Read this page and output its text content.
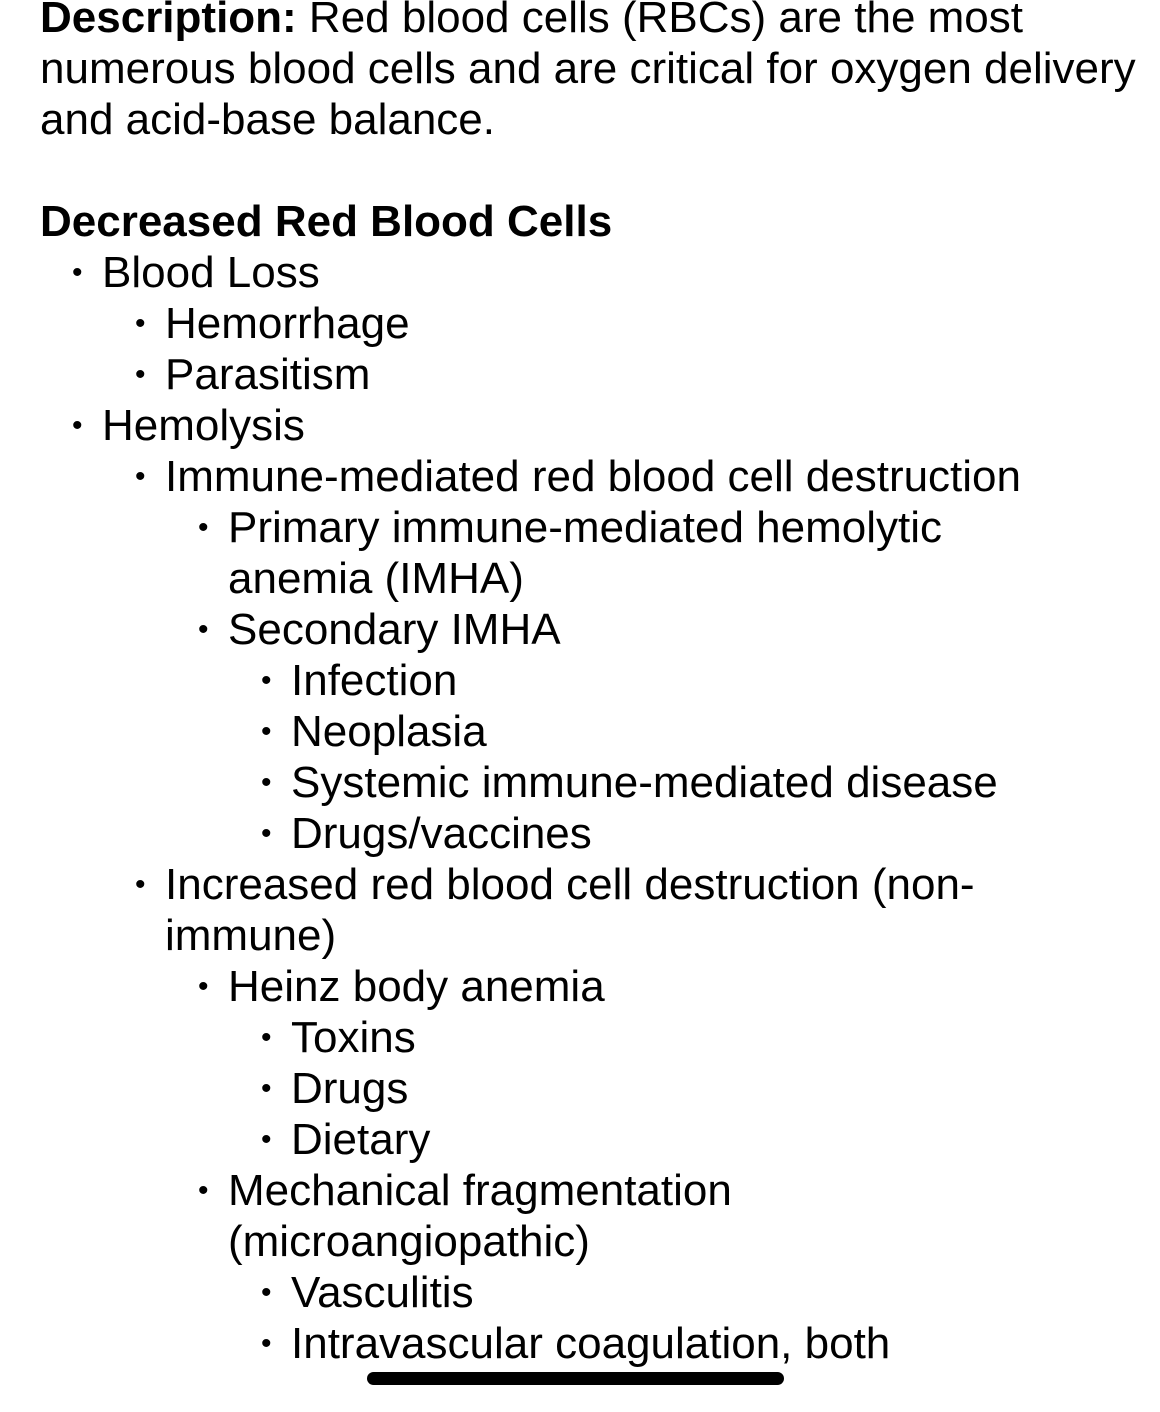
Description: Red blood cells (RBCs) are the most numerous blood cells and are critical for oxygen delivery and acid-base balance.

Decreased Red Blood Cells
• Blood Loss
• Hemorrhage
• Parasitism
• Hemolysis
• Immune-mediated red blood cell destruction
• Primary immune-mediated hemolytic anemia (IMHA)
• Secondary IMHA
• Infection
• Neoplasia
• Systemic immune-mediated disease
• Drugs/vaccines
• Increased red blood cell destruction (non-immune)
• Heinz body anemia
• Toxins
• Drugs
• Dietary
• Mechanical fragmentation (microangiopathic)
• Vasculitis
• Intravascular coagulation, both
